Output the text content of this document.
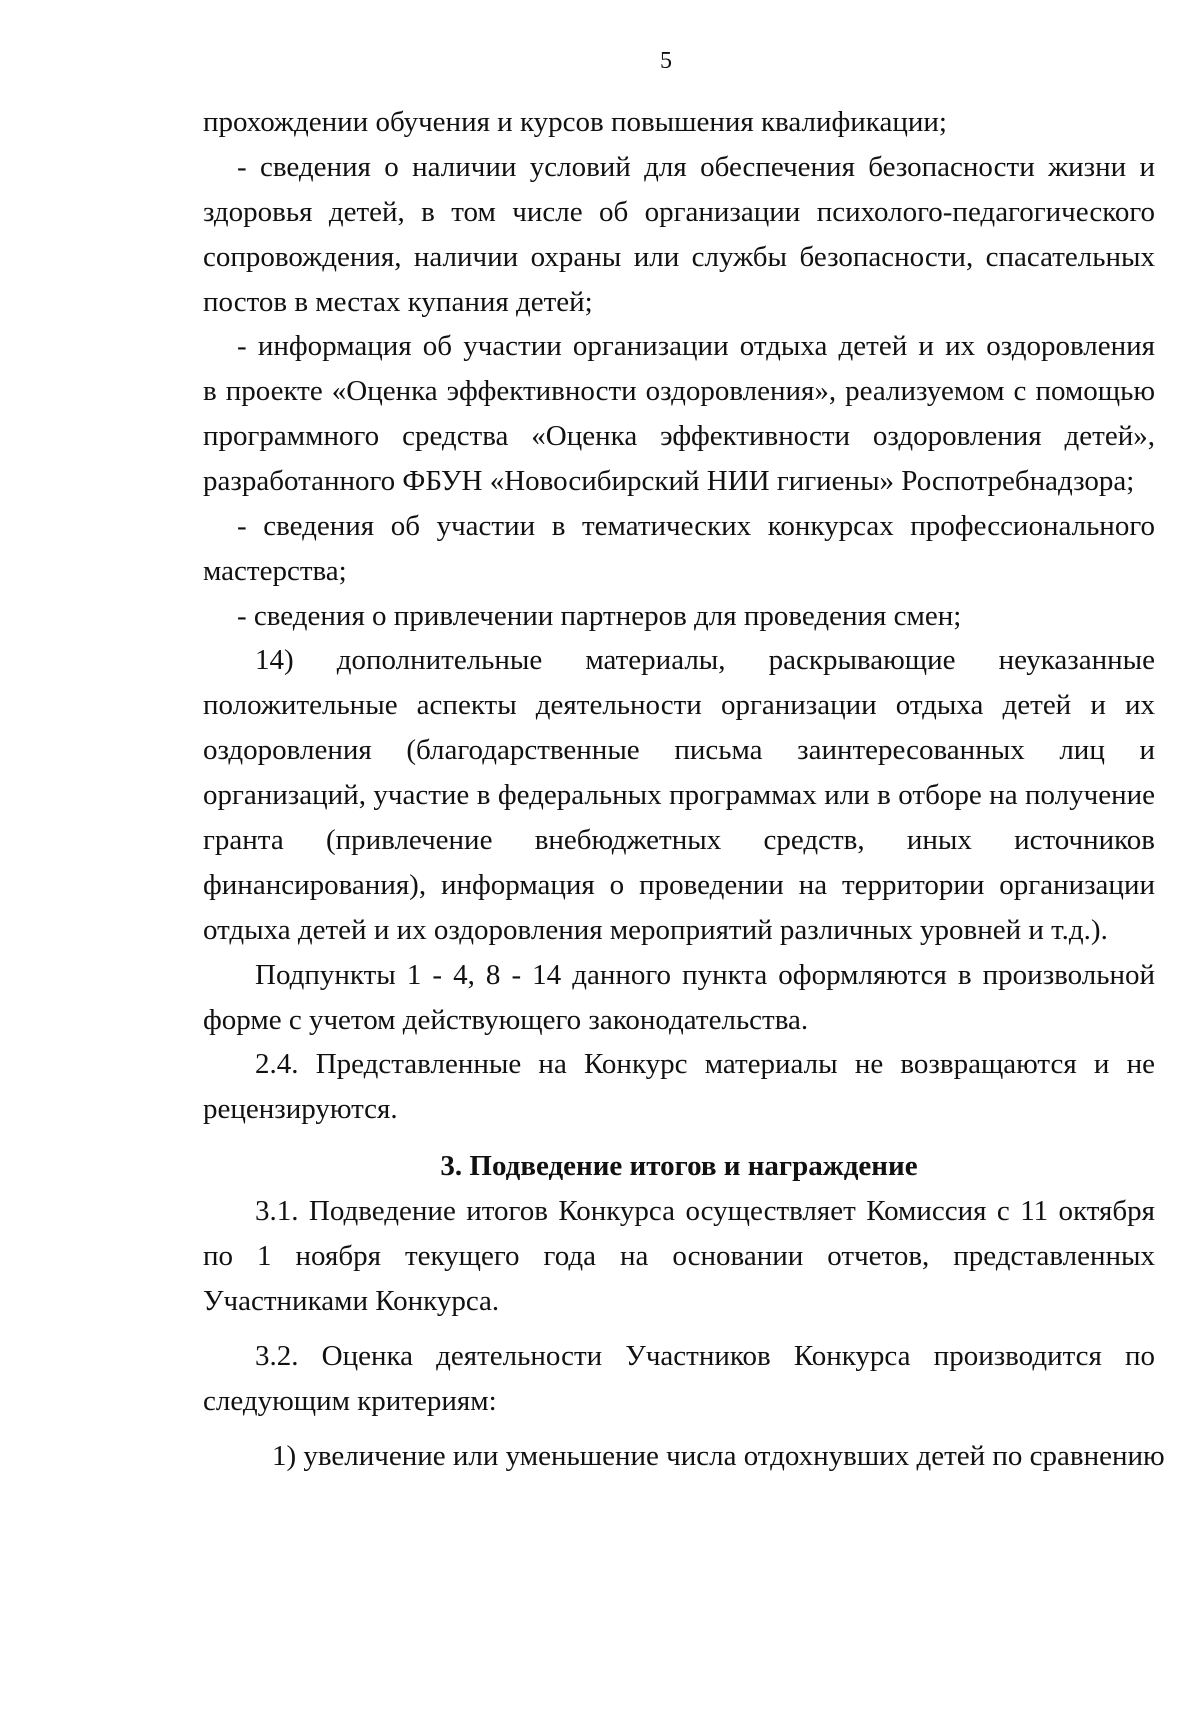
5
прохождении обучения и курсов повышения квалификации;
- сведения о наличии условий для обеспечения безопасности жизни и
здоровья детей, в том числе об организации психолого-педагогического
сопровождения, наличии охраны или службы безопасности, спасательных
постов в местах купания детей;
- информация об участии организации отдыха детей и их оздоровления
в проекте «Оценка эффективности оздоровления», реализуемом с помощью
программного средства «Оценка эффективности оздоровления детей»,
разработанного ФБУН «Новосибирский НИИ гигиены» Роспотребнадзора;
- сведения об участии в тематических конкурсах профессионального
мастерства;
- сведения о привлечении партнеров для проведения смен;
14) дополнительные материалы, раскрывающие неуказанные
положительные аспекты деятельности организации отдыха детей и их
оздоровления (благодарственные письма заинтересованных лиц и
организаций, участие в федеральных программах или в отборе на получение
гранта (привлечение внебюджетных средств, иных источников
финансирования), информация о проведении на территории организации
отдыха детей и их оздоровления мероприятий различных уровней и т.д.).
Подпункты 1 - 4, 8 - 14 данного пункта оформляются в произвольной
форме с учетом действующего законодательства.
2.4. Представленные на Конкурс материалы не возвращаются и не
рецензируются.
3. Подведение итогов и награждение
3.1. Подведение итогов Конкурса осуществляет Комиссия с 11 октября
по 1 ноября текущего года на основании отчетов, представленных
Участниками Конкурса.
3.2. Оценка деятельности Участников Конкурса производится по
следующим критериям:
1) увеличение или уменьшение числа отдохнувших детей по сравнению
